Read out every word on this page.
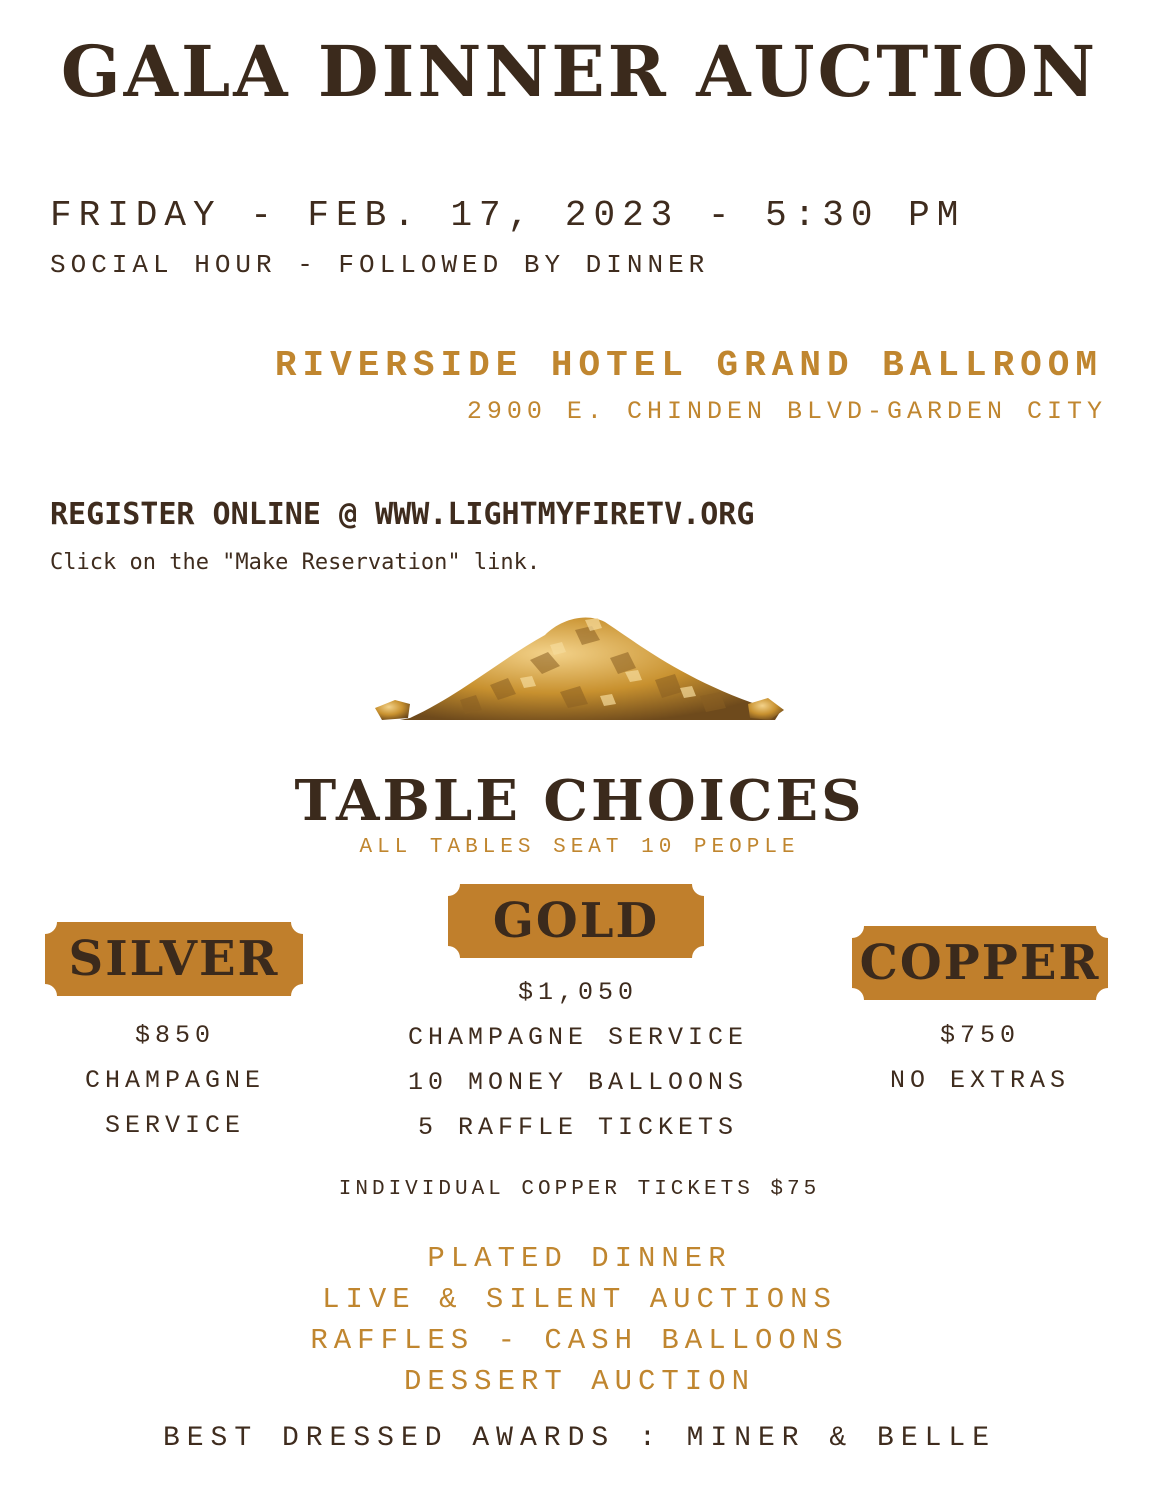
GALA DINNER AUCTION
FRIDAY - FEB. 17, 2023 - 5:30 PM
SOCIAL HOUR - FOLLOWED BY DINNER
RIVERSIDE HOTEL GRAND BALLROOM
2900 E. CHINDEN BLVD-GARDEN CITY
REGISTER ONLINE @ WWW.LIGHTMYFIRETV.ORG
Click on the "Make Reservation" link.
TABLE CHOICES
ALL TABLES SEAT 10 PEOPLE
SILVER
GOLD
COPPER
$850
CHAMPAGNE
SERVICE
$1,050
CHAMPAGNE SERVICE
10 MONEY BALLOONS
5 RAFFLE TICKETS
$750
NO EXTRAS
INDIVIDUAL COPPER TICKETS $75
PLATED DINNER
LIVE & SILENT AUCTIONS
RAFFLES - CASH BALLOONS
DESSERT AUCTION
BEST DRESSED AWARDS : MINER & BELLE
